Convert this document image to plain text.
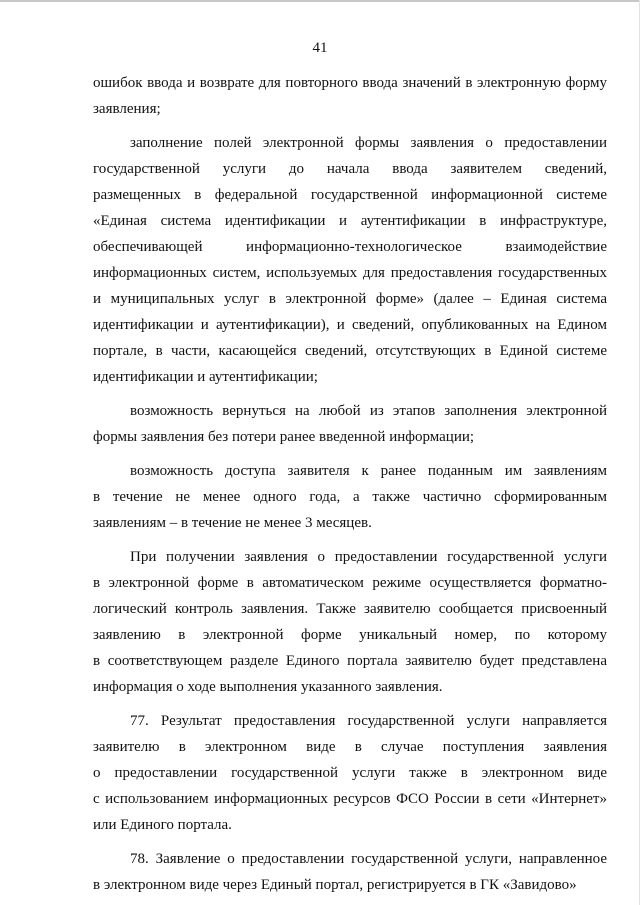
41

ошибок ввода и возврате для повторного ввода значений в электронную форму
заявления;

заполнение полей электронной формы заявления о предоставлении
государственной услуги до начала ввода заявителем сведений,
размещенных в федеральной государственной информационной системе
«Единая система идентификации и аутентификации в инфраструктуре,
обеспечивающей информационно-технологическое взаимодействие
информационных систем, используемых для предоставления государственных
и муниципальных услуг в электронной форме» (далее – Единая система
идентификации и аутентификации), и сведений, опубликованных на Едином
портале, в части, касающейся сведений, отсутствующих в Единой системе
идентификации и аутентификации;

возможность вернуться на любой из этапов заполнения электронной
формы заявления без потери ранее введенной информации;

возможность доступа заявителя к ранее поданным им заявлениям
в течение не менее одного года, а также частично сформированным
заявлениям – в течение не менее 3 месяцев.

При получении заявления о предоставлении государственной услуги
в электронной форме в автоматическом режиме осуществляется форматно-
логический контроль заявления. Также заявителю сообщается присвоенный
заявлению в электронной форме уникальный номер, по которому
в соответствующем разделе Единого портала заявителю будет представлена
информация о ходе выполнения указанного заявления.

77. Результат предоставления государственной услуги направляется
заявителю в электронном виде в случае поступления заявления
о предоставлении государственной услуги также в электронном виде
с использованием информационных ресурсов ФСО России в сети «Интернет»
или Единого портала.

78. Заявление о предоставлении государственной услуги, направленное
в электронном виде через Единый портал, регистрируется в ГК «Завидово»
